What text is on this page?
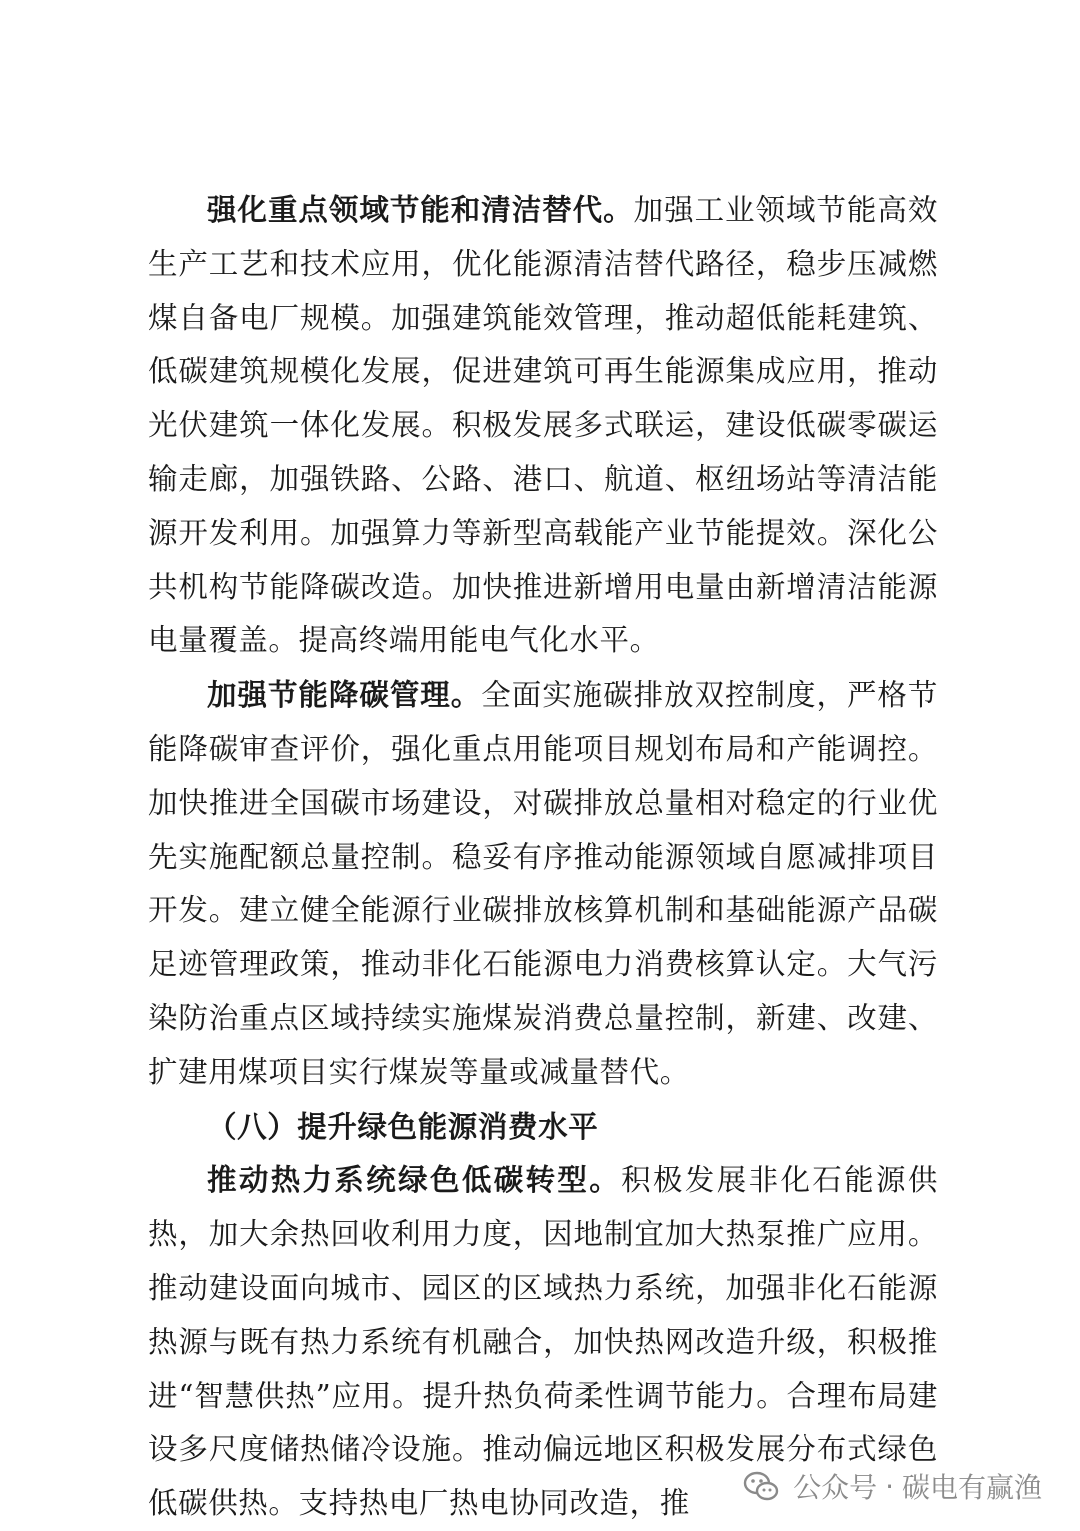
强化重点领域节能和清洁替代。加强工业领域节能高效生产工艺和技术应用，优化能源清洁替代路径，稳步压减燃煤自备电厂规模。加强建筑能效管理，推动超低能耗建筑、低碳建筑规模化发展，促进建筑可再生能源集成应用，推动光伏建筑一体化发展。积极发展多式联运，建设低碳零碳运输走廊，加强铁路、公路、港口、航道、枢纽场站等清洁能源开发利用。加强算力等新型高载能产业节能提效。深化公共机构节能降碳改造。加快推进新增用电量由新增清洁能源电量覆盖。提高终端用能电气化水平。

加强节能降碳管理。全面实施碳排放双控制度，严格节能降碳审查评价，强化重点用能项目规划布局和产能调控。加快推进全国碳市场建设，对碳排放总量相对稳定的行业优先实施配额总量控制。稳妥有序推动能源领域自愿减排项目开发。建立健全能源行业碳排放核算机制和基础能源产品碳足迹管理政策，推动非化石能源电力消费核算认定。大气污染防治重点区域持续实施煤炭消费总量控制，新建、改建、扩建用煤项目实行煤炭等量或减量替代。

（八）提升绿色能源消费水平

推动热力系统绿色低碳转型。积极发展非化石能源供热，加大余热回收利用力度，因地制宜加大热泵推广应用。推动建设面向城市、园区的区域热力系统，加强非化石能源热源与既有热力系统有机融合，加快热网改造升级，积极推进“智慧供热”应用。提升热负荷柔性调节能力。合理布局建设多尺度储热储冷设施。推动偏远地区积极发展分布式绿色低碳供热。支持热电厂热电协同改造，推	公众号 · 碳电有赢渔
